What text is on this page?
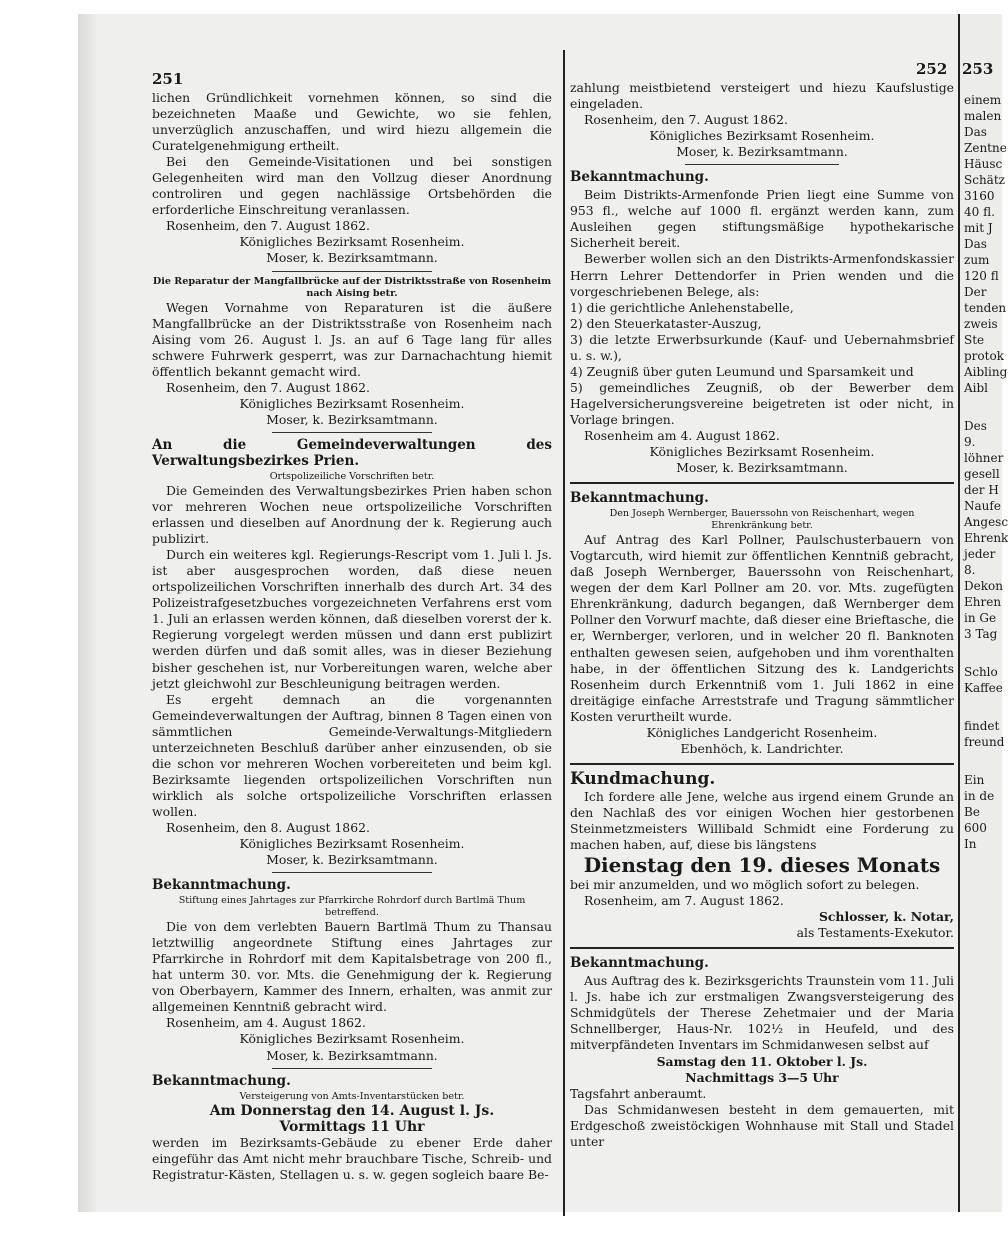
251
252

lichen Gründlichkeit vornehmen können, so sind die bezeichneten Maaße und Gewichte, wo sie fehlen, unverzüglich anzuschaffen, und wird hiezu allgemein die Curatelgenehmigung ertheilt.

Bei den Gemeinde-Visitationen und bei sonstigen Gelegenheiten wird man den Vollzug dieser Anordnung controliren und gegen nachlässige Ortsbehörden die erforderliche Einschreitung veranlassen.

Rosenheim, den 7. August 1862.

Königliches Bezirksamt Rosenheim.

Moser, k. Bezirksamtmann.

Die Reparatur der Mangfallbrücke auf der Distriktsstraße von Rosenheim nach Aising betr.

Wegen Vornahme von Reparaturen ist die äußere Mangfallbrücke an der Distriktsstraße von Rosenheim nach Aising vom 26. August l. Js. an auf 6 Tage lang für alles schwere Fuhrwerk gesperrt, was zur Darnachachtung hiemit öffentlich bekannt gemacht wird.

Rosenheim, den 7. August 1862.

Königliches Bezirksamt Rosenheim.

Moser, k. Bezirksamtmann.

An die Gemeindeverwaltungen des Verwaltungsbezirkes Prien.

Ortspolizeiliche Vorschriften betr.

Die Gemeinden des Verwaltungsbezirkes Prien haben schon vor mehreren Wochen neue ortspolizeiliche Vorschriften erlassen und dieselben auf Anordnung der k. Regierung auch publizirt.

Durch ein weiteres kgl. Regierungs-Rescript vom 1. Juli l. Js. ist aber ausgesprochen worden, daß diese neuen ortspolizeilichen Vorschriften innerhalb des durch Art. 34 des Polizeistrafgesetzbuches vorgezeichneten Verfahrens erst vom 1. Juli an erlassen werden können, daß dieselben vorerst der k. Regierung vorgelegt werden müssen und dann erst publizirt werden dürfen und daß somit alles, was in dieser Beziehung bisher geschehen ist, nur Vorbereitungen waren, welche aber jetzt gleichwohl zur Beschleunigung beitragen werden.

Es ergeht demnach an die vorgenannten Gemeindeverwaltungen der Auftrag, binnen 8 Tagen einen von sämmtlichen Gemeinde-Verwaltungs-Mitgliedern unterzeichneten Beschluß darüber anher einzusenden, ob sie die schon vor mehreren Wochen vorbereiteten und beim kgl. Bezirksamte liegenden ortspolizeilichen Vorschriften nun wirklich als solche ortspolizeiliche Vorschriften erlassen wollen.

Rosenheim, den 8. August 1862.

Königliches Bezirksamt Rosenheim.

Moser, k. Bezirksamtmann.

Bekanntmachung.

Stiftung eines Jahrtages zur Pfarrkirche Rohrdorf durch Bartlmä Thum betreffend.

Die von dem verlebten Bauern Bartlmä Thum zu Thansau letztwillig angeordnete Stiftung eines Jahrtages zur Pfarrkirche in Rohrdorf mit dem Kapitalsbetrage von 200 fl., hat unterm 30. vor. Mts. die Genehmigung der k. Regierung von Oberbayern, Kammer des Innern, erhalten, was anmit zur allgemeinen Kenntniß gebracht wird.

Rosenheim, am 4. August 1862.

Königliches Bezirksamt Rosenheim.

Moser, k. Bezirksamtmann.

Bekanntmachung.

Versteigerung von Amts-Inventarstücken betr.

Am Donnerstag den 14. August l. Js.

Vormittags 11 Uhr

werden im Bezirksamts-Gebäude zu ebener Erde daher eingeführ das Amt nicht mehr brauchbare Tische, Schreib- und Registratur-Kästen, Stellagen u. s. w. gegen sogleich baare Be-

zahlung meistbietend versteigert und hiezu Kaufslustige eingeladen.

Rosenheim, den 7. August 1862.

Königliches Bezirksamt Rosenheim.

Moser, k. Bezirksamtmann.

Bekanntmachung.

Beim Distrikts-Armenfonde Prien liegt eine Summe von 953 fl., welche auf 1000 fl. ergänzt werden kann, zum Ausleihen gegen stiftungsmäßige hypothekarische Sicherheit bereit.

Bewerber wollen sich an den Distrikts-Armenfondskassier Herrn Lehrer Dettendorfer in Prien wenden und die vorgeschriebenen Belege, als:

1) die gerichtliche Anlehenstabelle,

2) den Steuerkataster-Auszug,

3) die letzte Erwerbsurkunde (Kauf- und Uebernahmsbrief u. s. w.),

4) Zeugniß über guten Leumund und Sparsamkeit und

5) gemeindliches Zeugniß, ob der Bewerber dem Hagelversicherungsvereine beigetreten ist oder nicht, in Vorlage bringen.

Rosenheim am 4. August 1862.

Königliches Bezirksamt Rosenheim.

Moser, k. Bezirksamtmann.

Bekanntmachung.

Den Joseph Wernberger, Bauerssohn von Reischenhart, wegen Ehrenkränkung betr.

Auf Antrag des Karl Pollner, Paulschusterbauern von Vogtarcuth, wird hiemit zur öffentlichen Kenntniß gebracht, daß Joseph Wernberger, Bauerssohn von Reischenhart, wegen der dem Karl Pollner am 20. vor. Mts. zugefügten Ehrenkränkung, dadurch begangen, daß Wernberger dem Pollner den Vorwurf machte, daß dieser eine Brieftasche, die er, Wernberger, verloren, und in welcher 20 fl. Banknoten enthalten gewesen seien, aufgehoben und ihm vorenthalten habe, in der öffentlichen Sitzung des k. Landgerichts Rosenheim durch Erkenntniß vom 1. Juli 1862 in eine dreitägige einfache Arreststrafe und Tragung sämmtlicher Kosten verurtheilt wurde.

Königliches Landgericht Rosenheim.

Ebenhöch, k. Landrichter.

Kundmachung.

Ich fordere alle Jene, welche aus irgend einem Grunde an den Nachlaß des vor einigen Wochen hier gestorbenen Steinmetzmeisters Willibald Schmidt eine Forderung zu machen haben, auf, diese bis längstens

Dienstag den 19. dieses Monats

bei mir anzumelden, und wo möglich sofort zu belegen.

Rosenheim, am 7. August 1862.

Schlosser, k. Notar,

als Testaments-Exekutor.

Bekanntmachung.

Aus Auftrag des k. Bezirksgerichts Traunstein vom 11. Juli l. Js. habe ich zur erstmaligen Zwangsversteigerung des Schmidgütels der Therese Zehetmaier und der Maria Schnellberger, Haus-Nr. 102½ in Heufeld, und des mitverpfändeten Inventars im Schmidanwesen selbst auf

Samstag den 11. Oktober l. Js.

Nachmittags 3—5 Uhr

Tagsfahrt anberaumt.

Das Schmidanwesen besteht in dem gemauerten, mit Erdgeschoß zweistöckigen Wohnhause mit Stall und Stadel unter

253
einem
malen
Das
Zentne
Häusc
Schätz
3160
40 fl.
mit J
Das
zum
120 fl
Der
tenden
zweis
Ste
protok
Aibling
Aibl
Des
9.
löhner
gesell
der H
Naufe
Angesc
Ehrenk
jeder
8.
Dekon
Ehren
in Ge
3 Tag
Schlo
Kaffee
findet
freund
Ein
in de
Be
600
In
